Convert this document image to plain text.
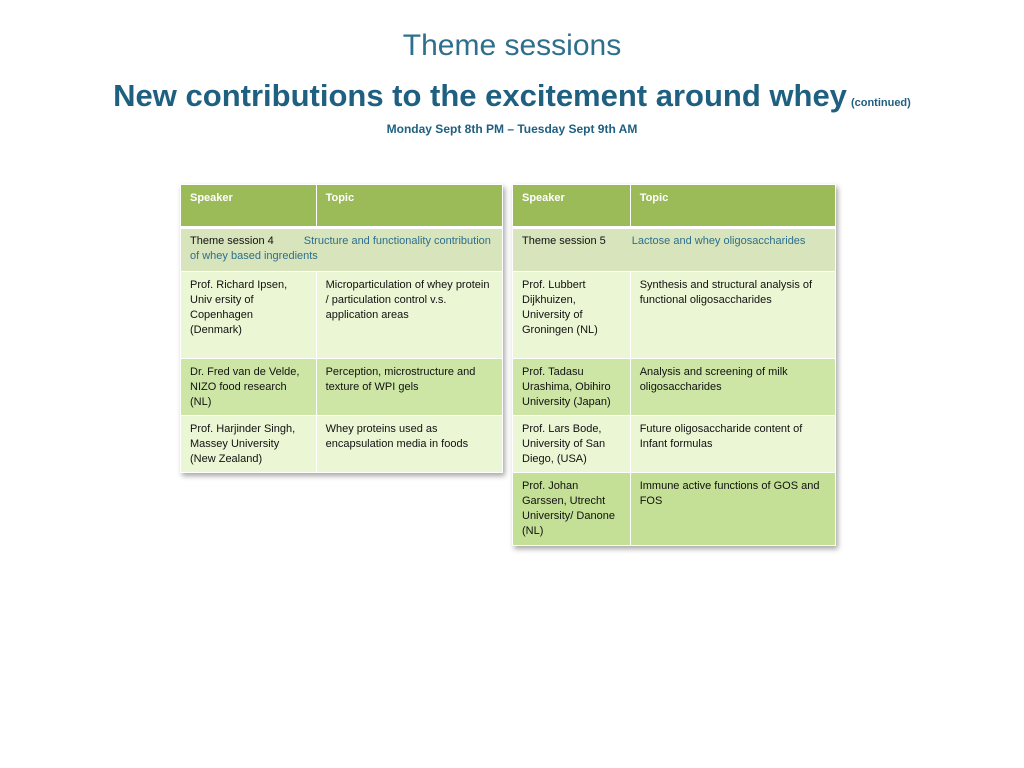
Theme sessions
New contributions to the excitement around whey (continued)
Monday Sept 8th PM – Tuesday Sept 9th AM
Speaker	Topic
Theme session 4 Structure and functionality contribution of whey based ingredients	
Prof. Richard Ipsen, Univ ersity of Copenhagen (Denmark)	Microparticulation of whey protein / particulation control v.s. application areas
Dr. Fred van de Velde, NIZO food research (NL)	Perception, microstructure and texture of WPI gels
Prof. Harjinder Singh, Massey University (New Zealand)	Whey proteins used as encapsulation media in foods
Speaker	Topic
Theme session 5 Lactose and whey oligosaccharides	
Prof. Lubbert Dijkhuizen, University of Groningen (NL)	Synthesis and structural analysis of functional oligosaccharides
Prof. Tadasu Urashima, Obihiro University (Japan)	Analysis and screening of milk oligosaccharides
Prof. Lars Bode, University of San Diego, (USA)	Future oligosaccharide content of Infant formulas
Prof. Johan Garssen, Utrecht University/ Danone (NL)	Immune active functions of GOS and FOS
